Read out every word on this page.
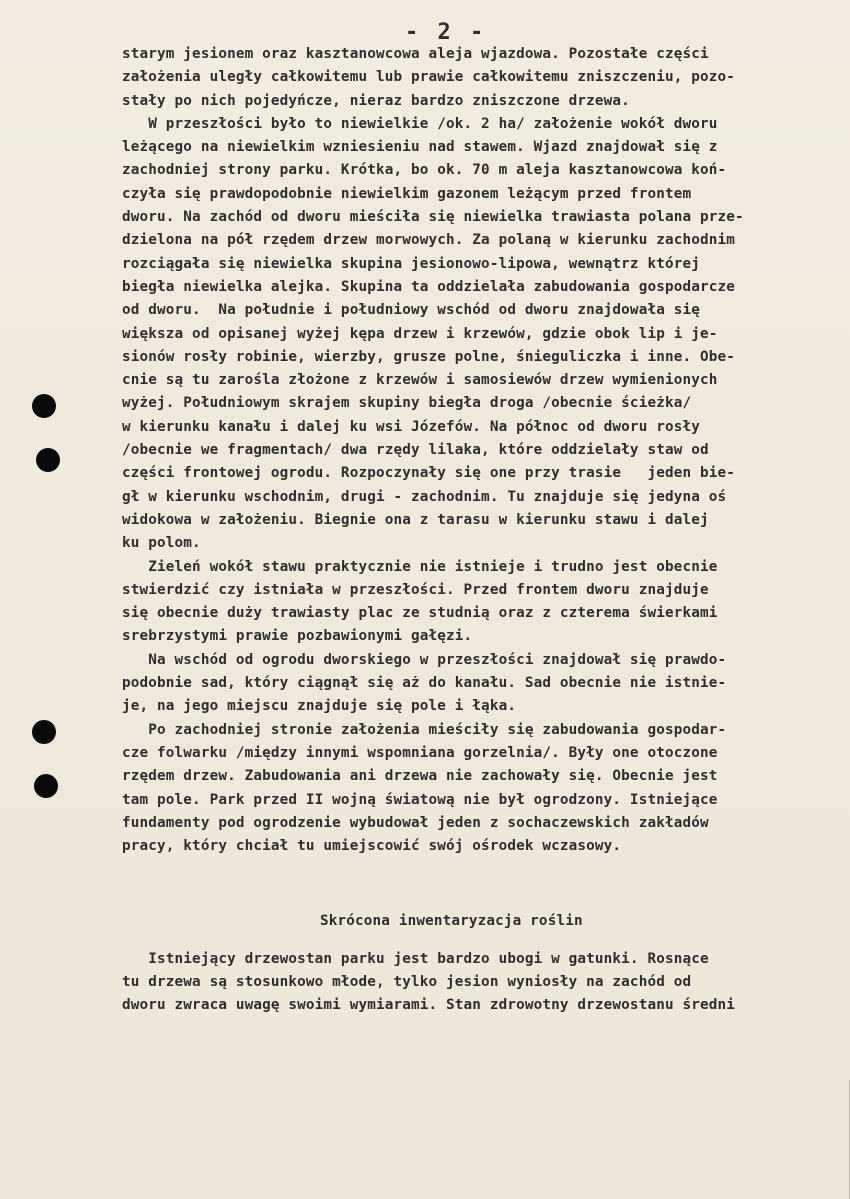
- 2 -
starym jesionem oraz kasztanowcowa aleja wjazdowa. Pozostałe części
założenia uległy całkowitemu lub prawie całkowitemu zniszczeniu, pozo-
stały po nich pojedyńcze, nieraz bardzo zniszczone drzewa.
W przeszłości było to niewielkie /ok. 2 ha/ założenie wokół dworu
leżącego na niewielkim wzniesieniu nad stawem. Wjazd znajdował się z
zachodniej strony parku. Krótka, bo ok. 70 m aleja kasztanowcowa koń-
czyła się prawdopodobnie niewielkim gazonem leżącym przed frontem
dworu. Na zachód od dworu mieściła się niewielka trawiasta polana prze-
dzielona na pół rzędem drzew morwowych. Za polaną w kierunku zachodnim
rozciągała się niewielka skupina jesionowo-lipowa, wewnątrz której
biegła niewielka alejka. Skupina ta oddzielała zabudowania gospodarcze
od dworu.  Na południe i południowy wschód od dworu znajdowała się
większa od opisanej wyżej kępa drzew i krzewów, gdzie obok lip i je-
sionów rosły robinie, wierzby, grusze polne, śniegulicz​ka i inne. Obe-
cnie są tu zarośla złożone z krzewów i samosiewów drzew wymienionych
wyżej. Południowym skrajem skupiny biegła droga /obecnie ścieżka/
w kierunku kanału i dalej ku wsi Józefów. Na północ od dworu rosły
/obecnie we fragmentach/ dwa rzędy lilaka, które oddzielały staw od
części frontowej ogrodu. Rozpoczynały się one przy trasie   jeden bie-
gł w kierunku wschodnim, drugi - zachodnim. Tu znajduje się jedyna oś
widokowa w założeniu. Biegnie ona z tarasu w kierunku stawu i dalej
ku polom.
Zieleń wokół stawu praktycznie nie istnieje i trudno jest obecnie
stwierdzić czy istniała w przeszłości. Przed frontem dworu znajduje
się obecnie duży trawiasty plac ze studnią oraz z czterema świerkami
srebrzystymi prawie pozbawionymi gałęzi.
Na wschód od ogrodu dworskiego w przeszłości znajdował się prawdo-
podobnie sad, który ciągnął się aż do kanału. Sad obecnie nie istnie-
je, na jego miejscu znajduje się pole i łąka.
Po zachodniej stronie założenia mieściły się zabudowania gospodar-
cze folwarku /między innymi wspomniana gorzelnia/. Były one otoczone
rzędem drzew. Zabudowania ani drzewa nie zachowały się. Obecnie jest
tam pole. Park przed II wojną światową nie był ogrodzony. Istniejące
fundamenty pod ogrodzenie wybudował jeden z sochaczewskich zakładów
pracy, który chciał tu umiejscowić swój ośrodek wczasowy.
Skrócona inwentaryzacja roślin
Istniejący drzewostan parku jest bardzo ubogi w gatunki. Rosnące
tu drzewa są stosunkowo młode, tylko jesion wyniosły na zachód od
dworu zwraca uwagę swoimi wymiarami. Stan zdrowotny drzewostanu średni
